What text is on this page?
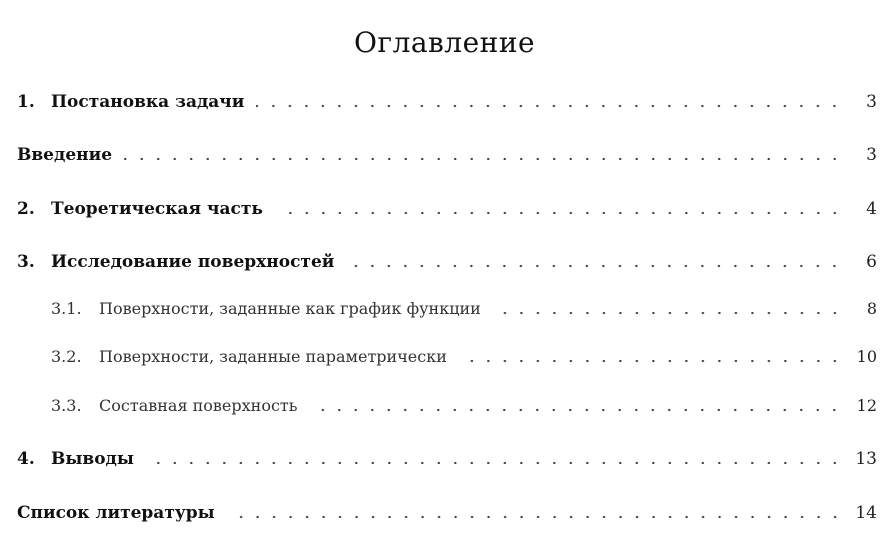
Оглавление
1. Постановка задачи	3
Введение	3
2. Теоретическая часть	4
3. Исследование поверхностей	6
3.1.	Поверхности, заданные как график функции	8
3.2.	Поверхности, заданные параметрически	10
3.3.	Составная поверхность	12
4. Выводы	13
Список литературы	14
